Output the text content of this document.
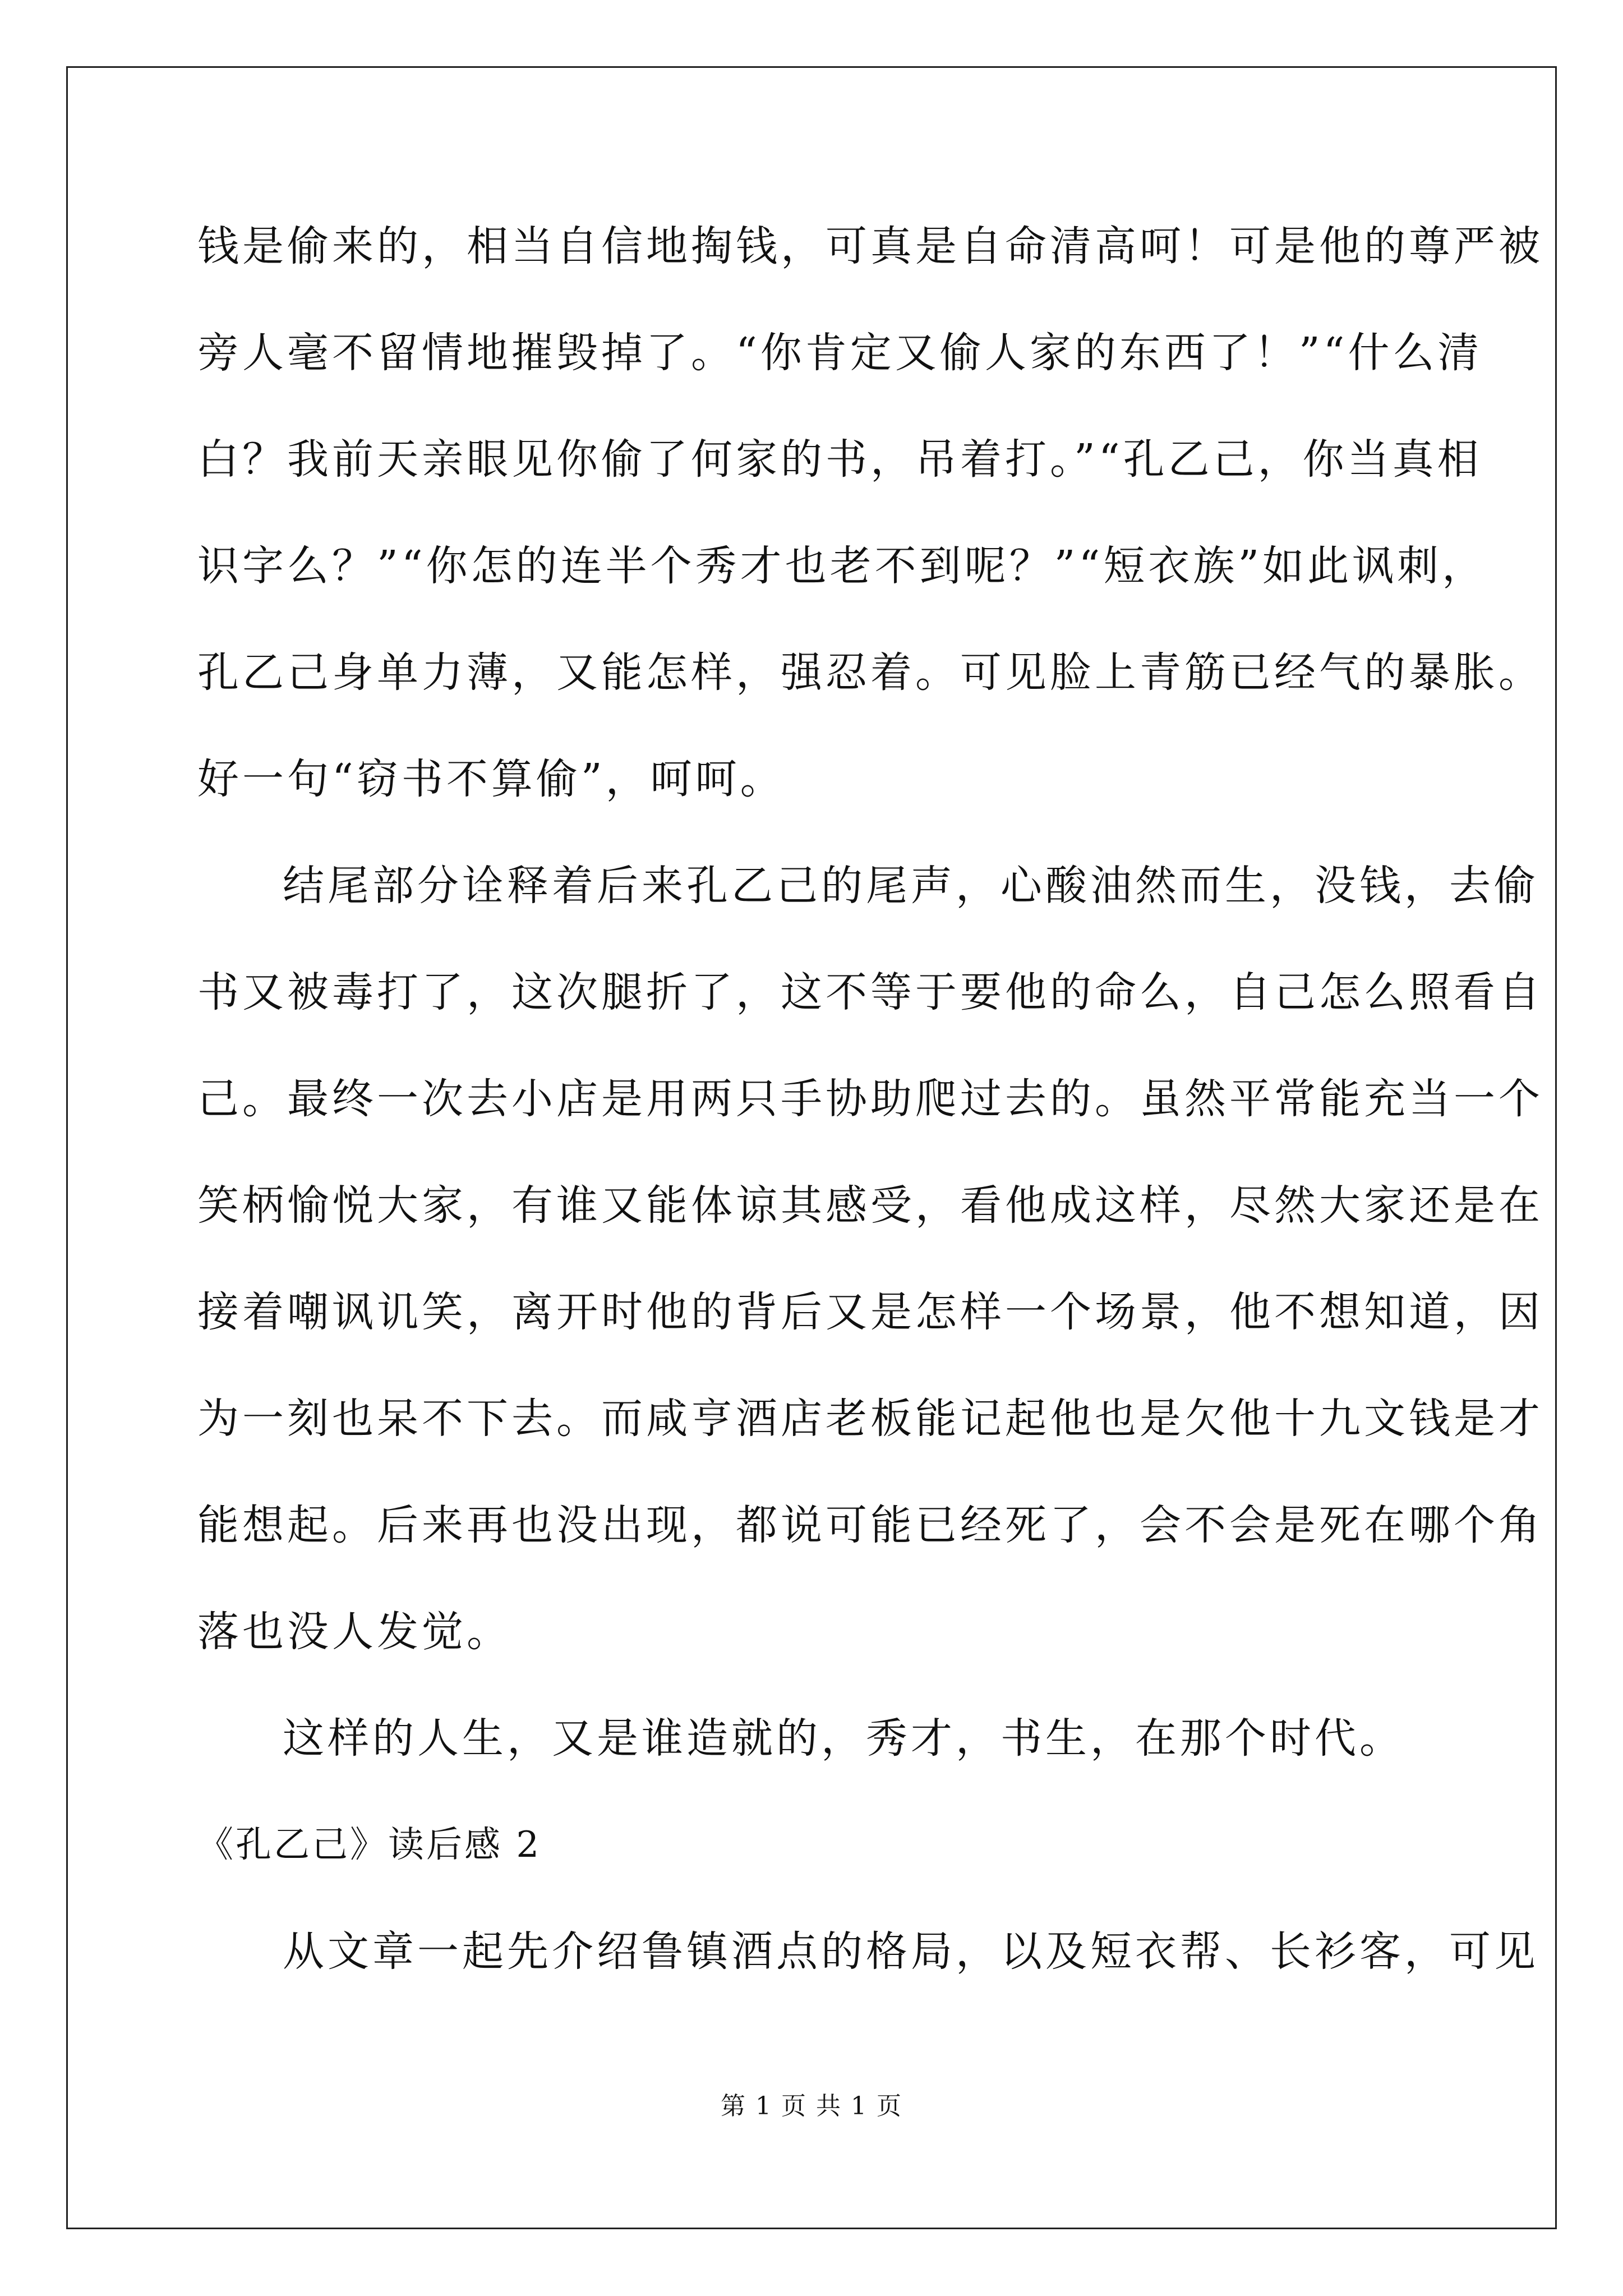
钱是偷来的，相当自信地掏钱，可真是自命清高呵！可是他的尊严被
旁人毫不留情地摧毁掉了。“你肯定又偷人家的东西了！”“什么清
白？我前天亲眼见你偷了何家的书，吊着打。”“孔乙己，你当真相
识字么？”“你怎的连半个秀才也老不到呢？”“短衣族”如此讽刺，
孔乙己身单力薄，又能怎样，强忍着。可见脸上青筋已经气的暴胀。
好一句“窃书不算偷”，呵呵。
结尾部分诠释着后来孔乙己的尾声，心酸油然而生，没钱，去偷
书又被毒打了，这次腿折了，这不等于要他的命么，自己怎么照看自
己。最终一次去小店是用两只手协助爬过去的。虽然平常能充当一个
笑柄愉悦大家，有谁又能体谅其感受，看他成这样，尽然大家还是在
接着嘲讽讥笑，离开时他的背后又是怎样一个场景，他不想知道，因
为一刻也呆不下去。而咸亨酒店老板能记起他也是欠他十九文钱是才
能想起。后来再也没出现，都说可能已经死了，会不会是死在哪个角
落也没人发觉。
这样的人生，又是谁造就的，秀才，书生，在那个时代。
《孔乙己》读后感 2
从文章一起先介绍鲁镇酒点的格局，以及短衣帮、长衫客，可见
第 1 页 共 1 页
